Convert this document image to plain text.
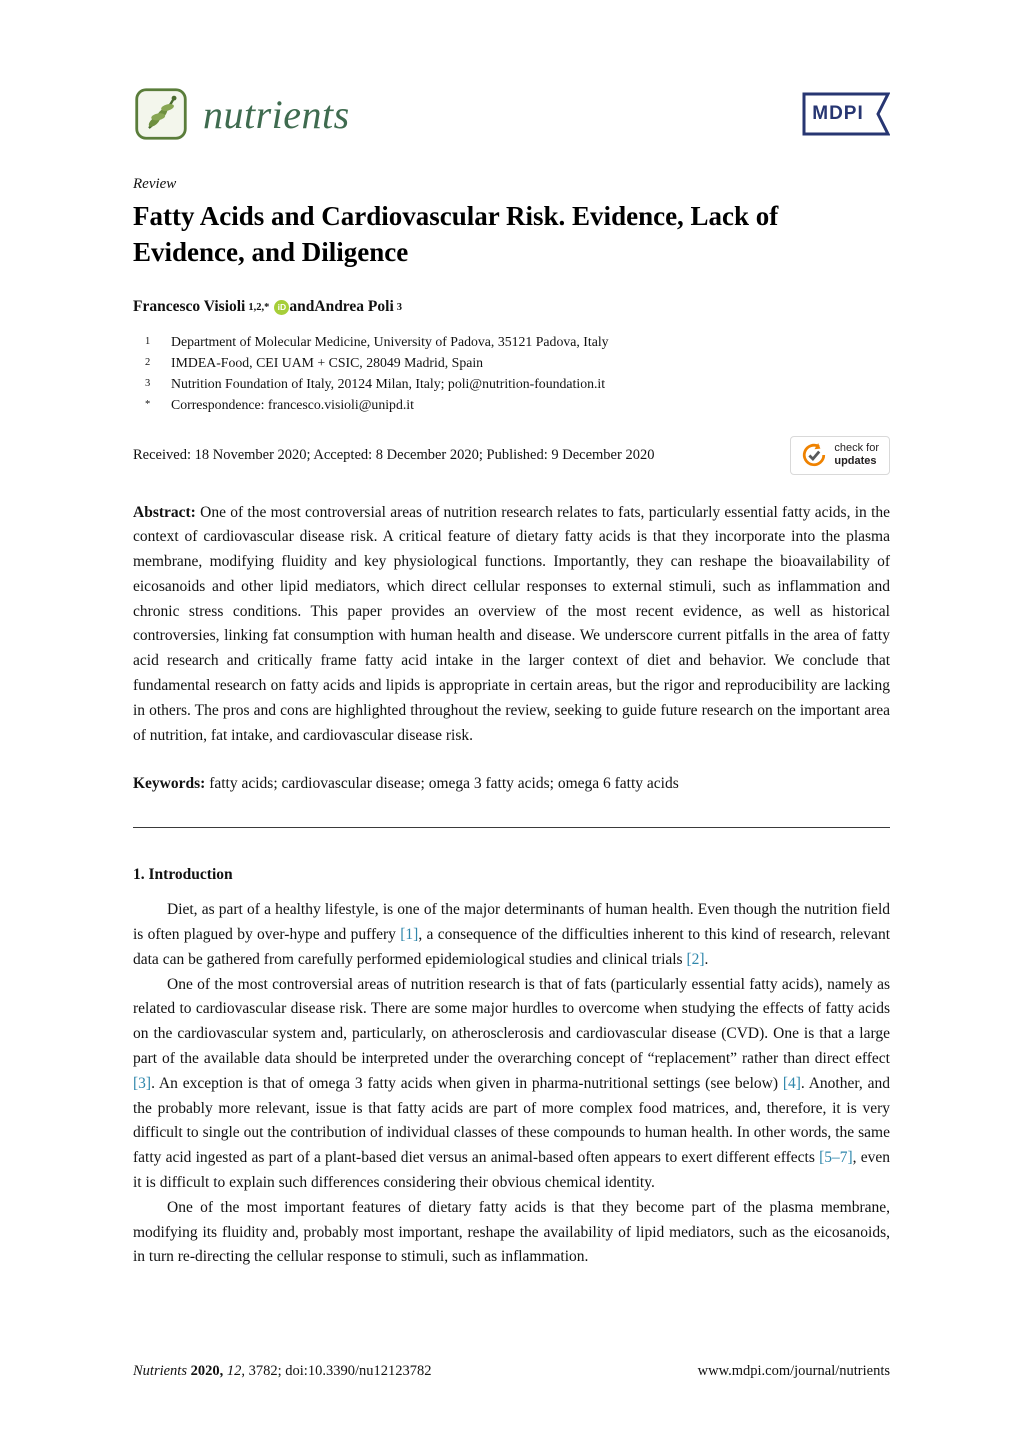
nutrients	MDPI
Review
Fatty Acids and Cardiovascular Risk. Evidence, Lack of Evidence, and Diligence
Francesco Visioli 1,2,* iD and Andrea Poli 3
$^1$	Department of Molecular Medicine, University of Padova, 35121 Padova, Italy
$^2$	IMDEA-Food, CEI UAM + CSIC, 28049 Madrid, Spain
$^3$	Nutrition Foundation of Italy, 20124 Milan, Italy; poli@nutrition-foundation.it
*	Correspondence: francesco.visioli@unipd.it
Received: 18 November 2020; Accepted: 8 December 2020; Published: 9 December 2020	check for
updates

Abstract: One of the most controversial areas of nutrition research relates to fats, particularly essential fatty acids, in the context of cardiovascular disease risk. A critical feature of dietary fatty acids is that they incorporate into the plasma membrane, modifying fluidity and key physiological functions. Importantly, they can reshape the bioavailability of eicosanoids and other lipid mediators, which direct cellular responses to external stimuli, such as inflammation and chronic stress conditions. This paper provides an overview of the most recent evidence, as well as historical controversies, linking fat consumption with human health and disease. We underscore current pitfalls in the area of fatty acid research and critically frame fatty acid intake in the larger context of diet and behavior. We conclude that fundamental research on fatty acids and lipids is appropriate in certain areas, but the rigor and reproducibility are lacking in others. The pros and cons are highlighted throughout the review, seeking to guide future research on the important area of nutrition, fat intake, and cardiovascular disease risk.

Keywords: fatty acids; cardiovascular disease; omega 3 fatty acids; omega 6 fatty acids

1. Introduction

Diet, as part of a healthy lifestyle, is one of the major determinants of human health. Even though the nutrition field is often plagued by over-hype and puffery [1], a consequence of the difficulties inherent to this kind of research, relevant data can be gathered from carefully performed epidemiological studies and clinical trials [2].

One of the most controversial areas of nutrition research is that of fats (particularly essential fatty acids), namely as related to cardiovascular disease risk. There are some major hurdles to overcome when studying the effects of fatty acids on the cardiovascular system and, particularly, on atherosclerosis and cardiovascular disease (CVD). One is that a large part of the available data should be interpreted under the overarching concept of “replacement” rather than direct effect [3]. An exception is that of omega 3 fatty acids when given in pharma-nutritional settings (see below) [4]. Another, and the probably more relevant, issue is that fatty acids are part of more complex food matrices, and, therefore, it is very difficult to single out the contribution of individual classes of these compounds to human health. In other words, the same fatty acid ingested as part of a plant-based diet versus an animal-based often appears to exert different effects [5–7], even it is difficult to explain such differences considering their obvious chemical identity.

One of the most important features of dietary fatty acids is that they become part of the plasma membrane, modifying its fluidity and, probably most important, reshape the availability of lipid mediators, such as the eicosanoids, in turn re-directing the cellular response to stimuli, such as inflammation.

Nutrients 2020, 12, 3782; doi:10.3390/nu12123782	www.mdpi.com/journal/nutrients
